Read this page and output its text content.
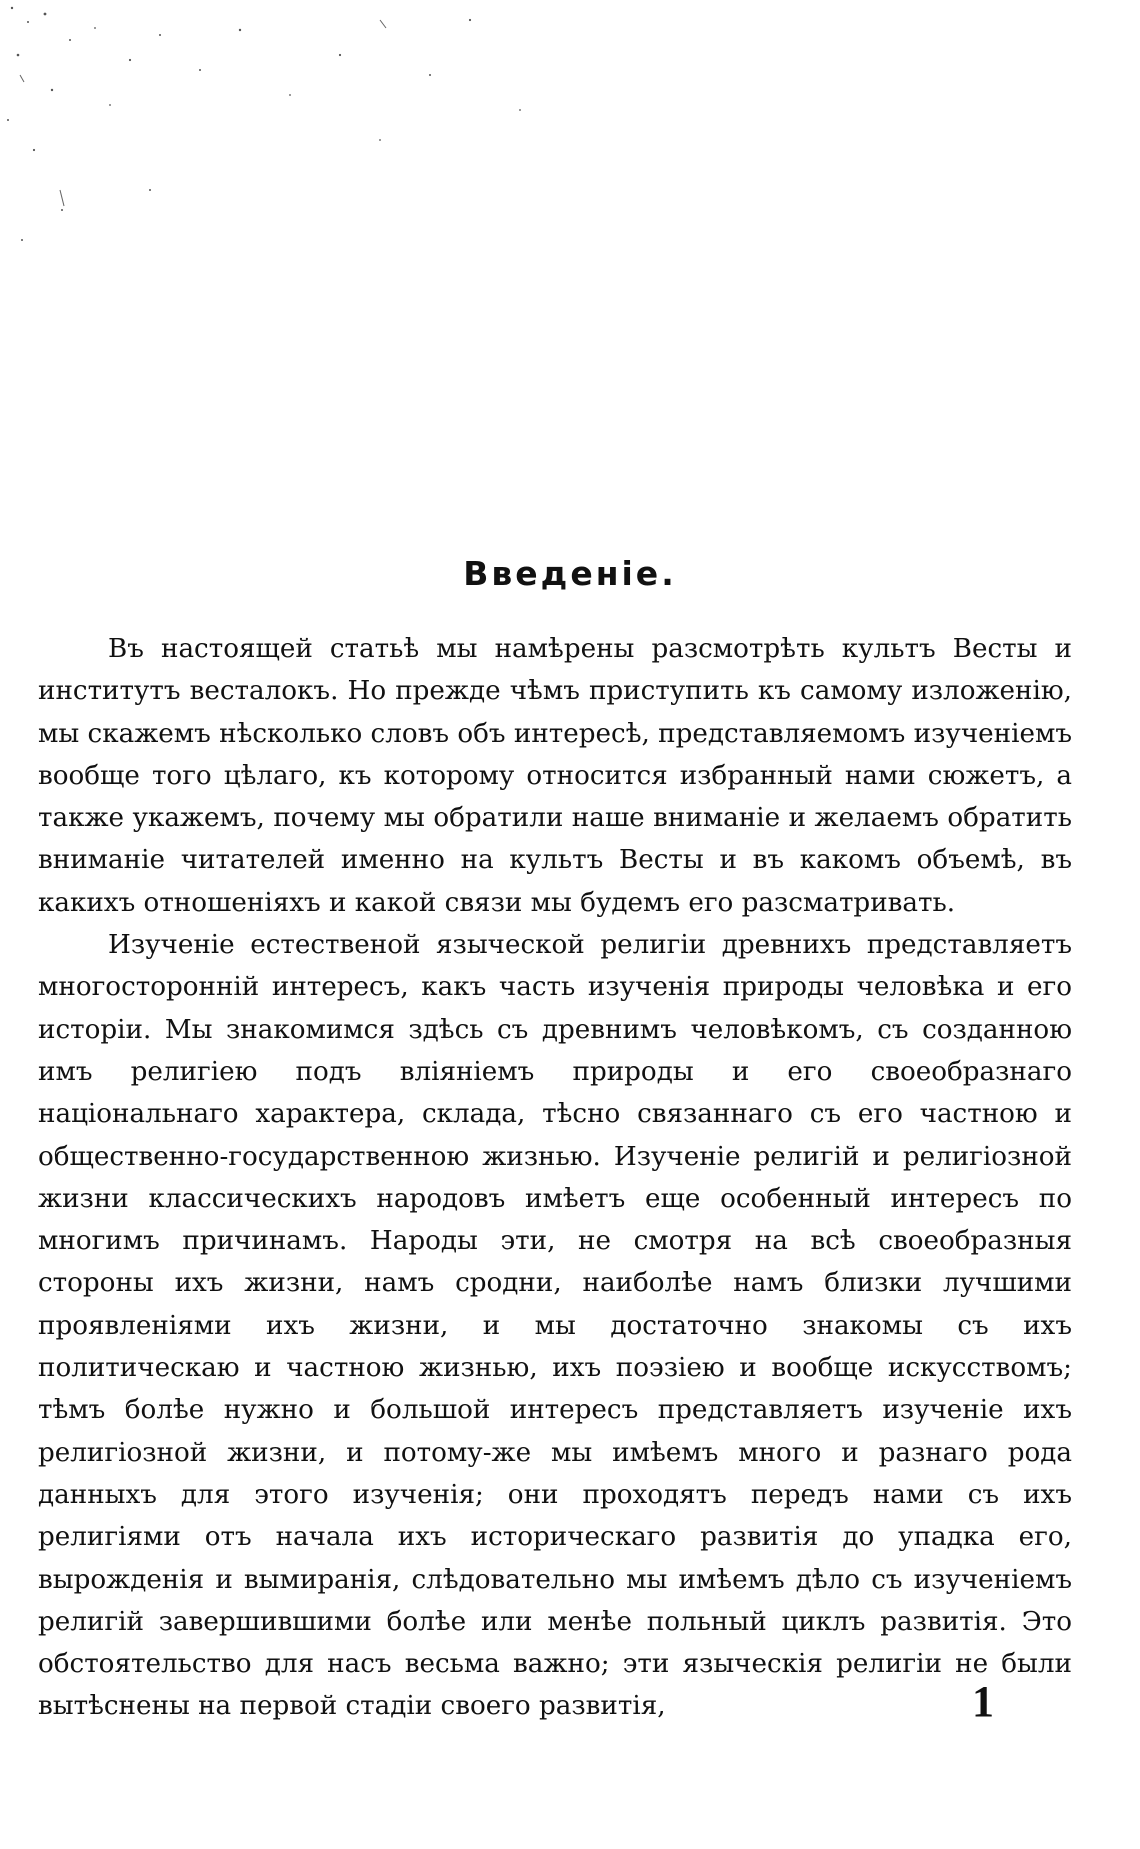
Введеніе.

Въ настоящей статьѣ мы намѣрены разсмотрѣть культъ Весты и институтъ весталокъ. Но прежде чѣмъ приступить къ самому изложенію, мы скажемъ нѣсколько словъ объ интересѣ, представляемомъ изученіемъ вообще того цѣлаго, къ которому относится избранный нами сюжетъ, а также укажемъ, почему мы обратили наше вниманіе и желаемъ обратить вниманіе читателей именно на культъ Весты и въ какомъ объемѣ, въ какихъ отношеніяхъ и какой связи мы будемъ его разсматривать.

Изученіе естественой языческой религіи древнихъ представляетъ многосторонній интересъ, какъ часть изученія природы человѣка и его исторіи. Мы знакомимся здѣсь съ древнимъ человѣкомъ, съ созданною имъ религіею подъ вліяніемъ природы и его своеобразнаго національнаго характера, склада, тѣсно связаннаго съ его частною и общественно-государственною жизнью. Изученіе религій и религіозной жизни классическихъ народовъ имѣетъ еще особенный интересъ по многимъ причинамъ. Народы эти, не смотря на всѣ своеобразныя стороны ихъ жизни, намъ сродни, наиболѣе намъ близки лучшими проявленіями ихъ жизни, и мы достаточно знакомы съ ихъ политическаю и частною жизнью, ихъ поэзіею и вообще искусствомъ; тѣмъ болѣе нужно и большой интересъ представляетъ изученіе ихъ религіозной жизни, и потому-же мы имѣемъ много и разнаго рода данныхъ для этого изученія; они проходятъ передъ нами съ ихъ религіями отъ начала ихъ историческаго развитія до упадка его, вырожденія и вымиранія, слѣдовательно мы имѣемъ дѣло съ изученіемъ религій завершившими болѣе или менѣе польный циклъ развитія. Это обстоятельство для насъ весьма важно; эти языческія религіи не были вытѣснены на первой стадіи своего развитія,	1
